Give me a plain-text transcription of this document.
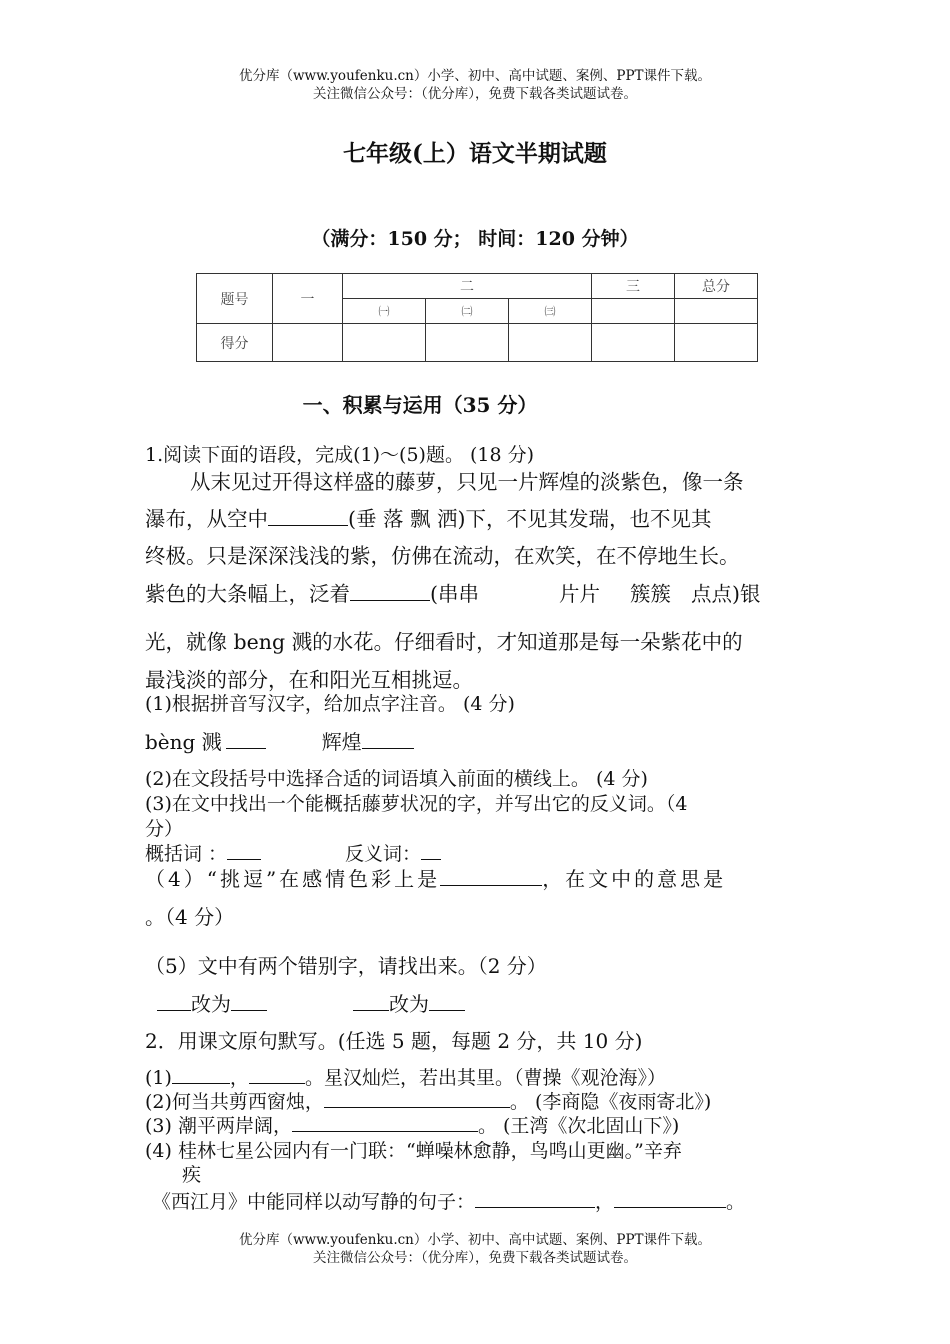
优分库（www.youfenku.cn）小学、初中、高中试题、案例、PPT课件下载。
关注微信公众号：（优分库），免费下载各类试题试卷。
七年级(上）语文半期试题
（满分：150 分； 时间：120 分钟）
题号	一	二			三	总分
		㈠	㈡	㈢		
得分						
一、积累与运用（35 分）
1.阅读下面的语段，完成(1)～(5)题。 (18 分)
从末见过开得这样盛的藤萝，只见一片辉煌的淡紫色，像一条
瀑布，从空中	(垂 落 飘 洒)下，不见其发瑞，也不见其
终极。只是深深浅浅的紫，仿佛在流动，在欢笑，在不停地生长。
紫色的大条幅上，泛着	(串串	片片 簇簇 点点)银
光，就像 beng 溅的水花。仔细看时，才知道那是每一朵紫花中的
最浅淡的部分，在和阳光互相挑逗。
(1)根据拼音写汉字，给加点字注音。 (4 分)
bèng 溅	辉煌
(2)在文段括号中选择合适的词语填入前面的横线上。 (4 分)
(3)在文中找出一个能概括藤萝状况的字，并写出它的反义词。（4
分）
概括词 ：	反义词：
（4）“挑逗”在感情色彩上是	，在文中的意思是
。（4 分）
（5）文中有两个错别字，请找出来。（2 分）
改为	改为
2．用课文原句默写。(任选 5 题，每题 2 分，共 10 分)
(1)	，	。星汉灿烂，若出其里。（曹操《观沧海》）
(2)何当共剪西窗烛，	。 (李商隐《夜雨寄北》)
(3) 潮平两岸阔，	。 (王湾《次北固山下》)
(4) 桂林七星公园内有一门联：“蝉噪林愈静，鸟鸣山更幽。”辛弃
疾
《西江月》中能同样以动写静的句子：	，	。
优分库（www.youfenku.cn）小学、初中、高中试题、案例、PPT课件下载。
关注微信公众号：（优分库），免费下载各类试题试卷。
